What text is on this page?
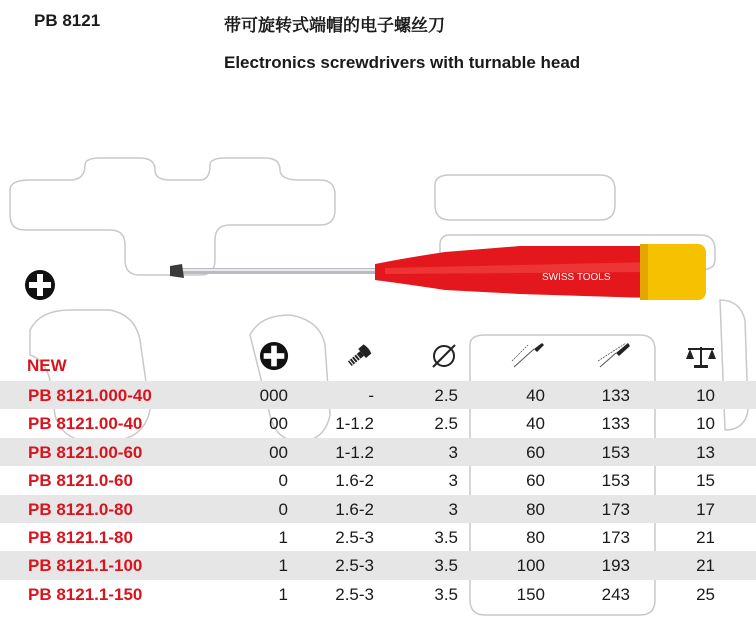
PB 8121	带可旋转式端帽的电子螺丝刀
Electronics screwdrivers with turnable head
SWISS TOOLS
NEW
PB 8121.000-40	000	-	2.5	40	133	10
PB 8121.00-40	00	1-1.2	2.5	40	133	10
PB 8121.00-60	00	1-1.2	3	60	153	13
PB 8121.0-60	0	1.6-2	3	60	153	15
PB 8121.0-80	0	1.6-2	3	80	173	17
PB 8121.1-80	1	2.5-3	3.5	80	173	21
PB 8121.1-100	1	2.5-3	3.5	100	193	21
PB 8121.1-150	1	2.5-3	3.5	150	243	25
